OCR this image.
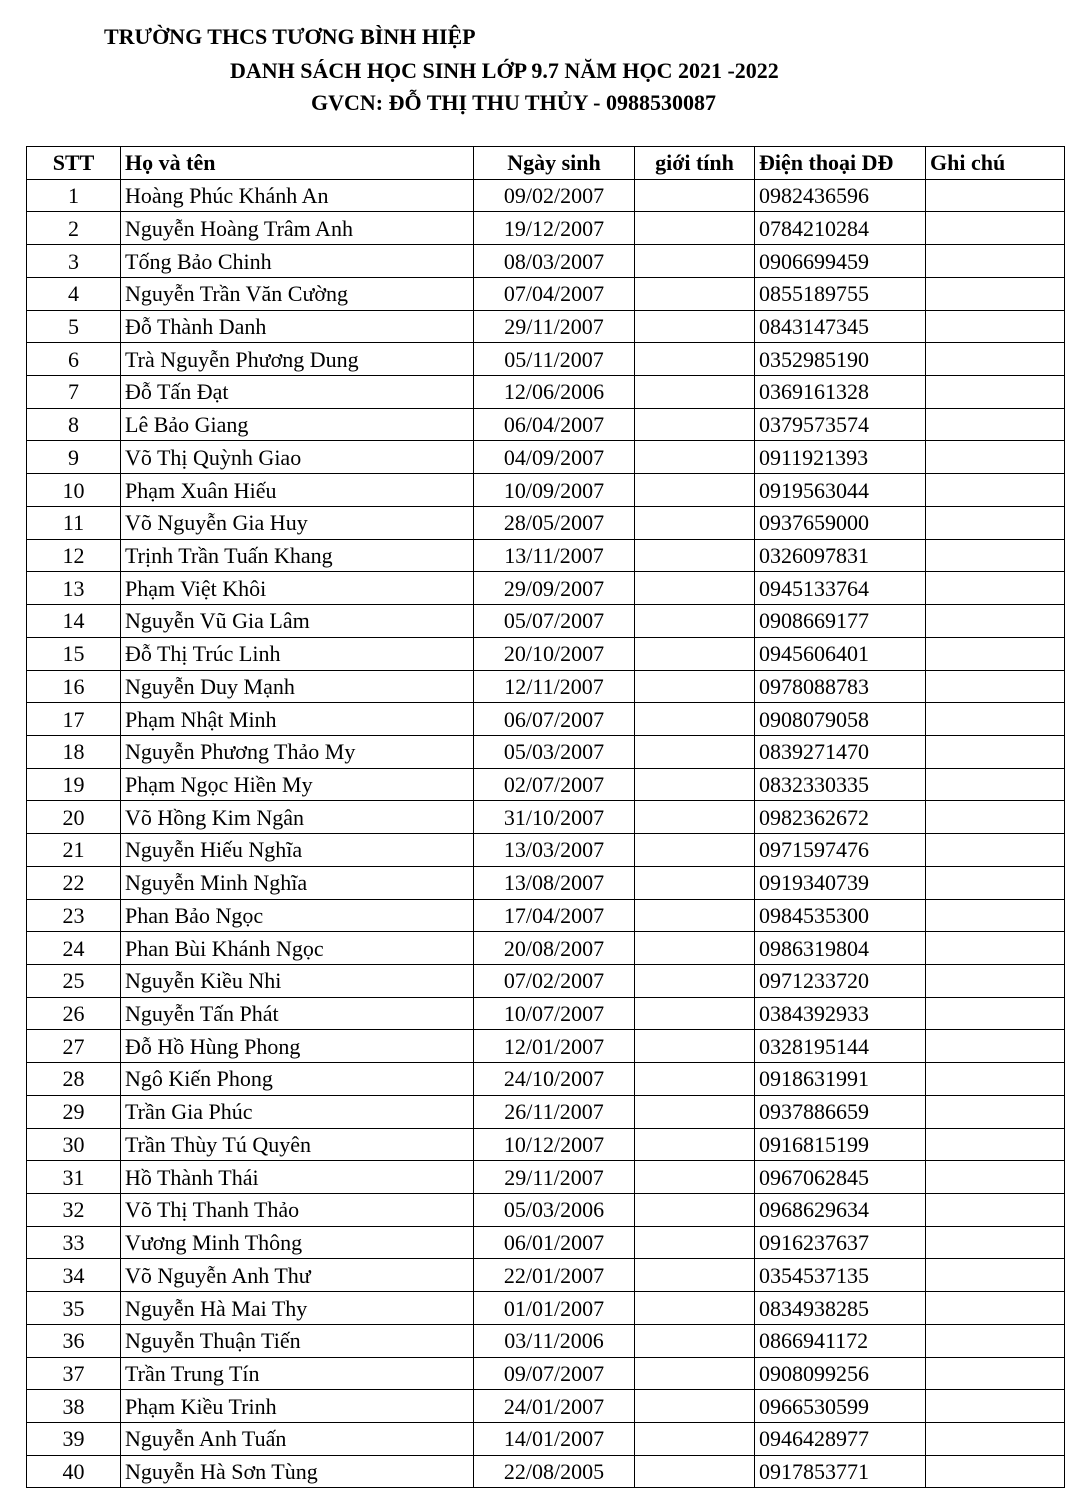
TRƯỜNG THCS TƯƠNG BÌNH HIỆP
DANH SÁCH HỌC SINH LỚP 9.7 NĂM HỌC 2021 -2022
GVCN: ĐỖ THỊ THU THỦY - 0988530087
STT	Họ và tên	Ngày sinh	giới tính	Điện thoại DĐ	Ghi chú
1	Hoàng Phúc Khánh An	09/02/2007		0982436596	
2	Nguyễn Hoàng Trâm Anh	19/12/2007		0784210284	
3	Tống Bảo Chinh	08/03/2007		0906699459	
4	Nguyễn Trần Văn Cường	07/04/2007		0855189755	
5	Đỗ Thành Danh	29/11/2007		0843147345	
6	Trà Nguyễn Phương Dung	05/11/2007		0352985190	
7	Đỗ Tấn Đạt	12/06/2006		0369161328	
8	Lê Bảo Giang	06/04/2007		0379573574	
9	Võ Thị Quỳnh Giao	04/09/2007		0911921393	
10	Phạm Xuân Hiếu	10/09/2007		0919563044	
11	Võ Nguyễn Gia Huy	28/05/2007		0937659000	
12	Trịnh Trần Tuấn Khang	13/11/2007		0326097831	
13	Phạm Việt Khôi	29/09/2007		0945133764	
14	Nguyễn Vũ Gia Lâm	05/07/2007		0908669177	
15	Đỗ Thị Trúc Linh	20/10/2007		0945606401	
16	Nguyễn Duy Mạnh	12/11/2007		0978088783	
17	Phạm Nhật Minh	06/07/2007		0908079058	
18	Nguyễn Phương Thảo My	05/03/2007		0839271470	
19	Phạm Ngọc Hiền My	02/07/2007		0832330335	
20	Võ Hồng Kim Ngân	31/10/2007		0982362672	
21	Nguyễn Hiếu Nghĩa	13/03/2007		0971597476	
22	Nguyễn Minh Nghĩa	13/08/2007		0919340739	
23	Phan Bảo Ngọc	17/04/2007		0984535300	
24	Phan Bùi Khánh Ngọc	20/08/2007		0986319804	
25	Nguyễn Kiều Nhi	07/02/2007		0971233720	
26	Nguyễn Tấn Phát	10/07/2007		0384392933	
27	Đỗ Hồ Hùng Phong	12/01/2007		0328195144	
28	Ngô Kiến Phong	24/10/2007		0918631991	
29	Trần Gia Phúc	26/11/2007		0937886659	
30	Trần Thùy Tú Quyên	10/12/2007		0916815199	
31	Hồ Thành Thái	29/11/2007		0967062845	
32	Võ Thị Thanh Thảo	05/03/2006		0968629634	
33	Vương Minh Thông	06/01/2007		0916237637	
34	Võ Nguyễn Anh Thư	22/01/2007		0354537135	
35	Nguyễn Hà Mai Thy	01/01/2007		0834938285	
36	Nguyễn Thuận Tiến	03/11/2006		0866941172	
37	Trần Trung Tín	09/07/2007		0908099256	
38	Phạm Kiều Trinh	24/01/2007		0966530599	
39	Nguyễn Anh Tuấn	14/01/2007		0946428977	
40	Nguyễn Hà Sơn Tùng	22/08/2005		0917853771	
